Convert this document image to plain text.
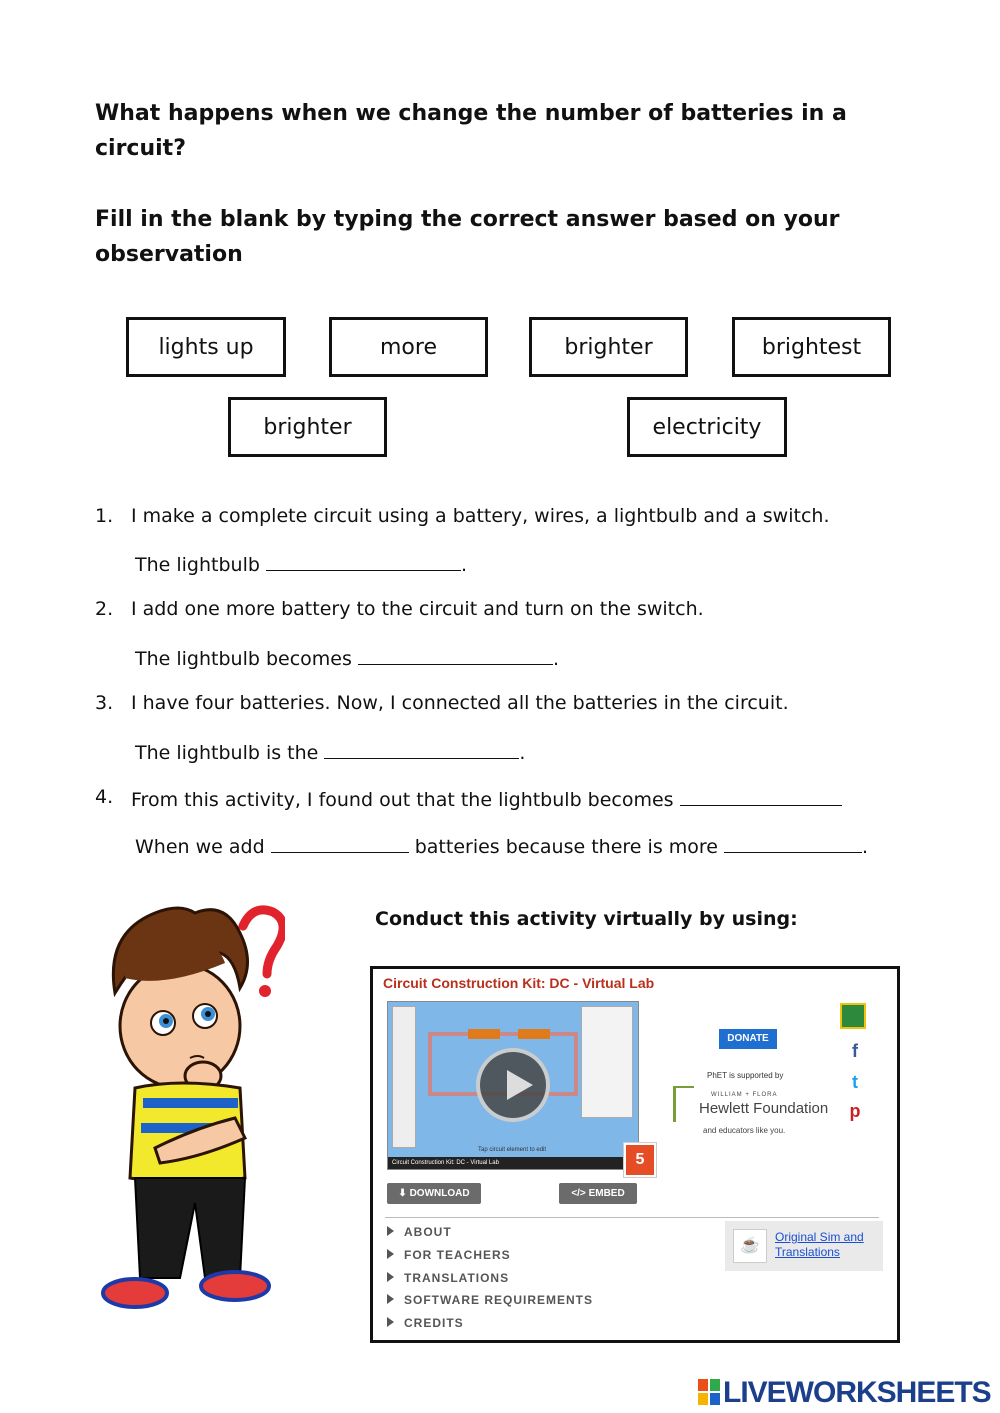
What happens when we change the number of batteries in a circuit?
Fill in the blank by typing the correct answer based on your observation
lights up	more	brighter	brightest
brighter	electricity
1. I make a complete circuit using a battery, wires, a lightbulb and a switch.
The lightbulb	.
2. I add one more battery to the circuit and turn on the switch.
The lightbulb becomes	.
3. I have four batteries. Now, I connected all the batteries in the circuit.
The lightbulb is the	.
4. From this activity, I found out that the lightbulb becomes
When we add	batteries because there is more	.
Conduct this activity virtually by using:
Circuit Construction Kit: DC - Virtual Lab
Tap circuit element to edit
Circuit Construction Kit: DC - Virtual Lab	5
f
t
p
DONATE
PhET is supported by
WILLIAM + FLORA
Hewlett Foundation
and educators like you.
⬇ DOWNLOAD	</> EMBED
ABOUT
FOR TEACHERS
TRANSLATIONS
SOFTWARE REQUIREMENTS
CREDITS
☕	Original Sim and Translations
LIVEWORKSHEETS
